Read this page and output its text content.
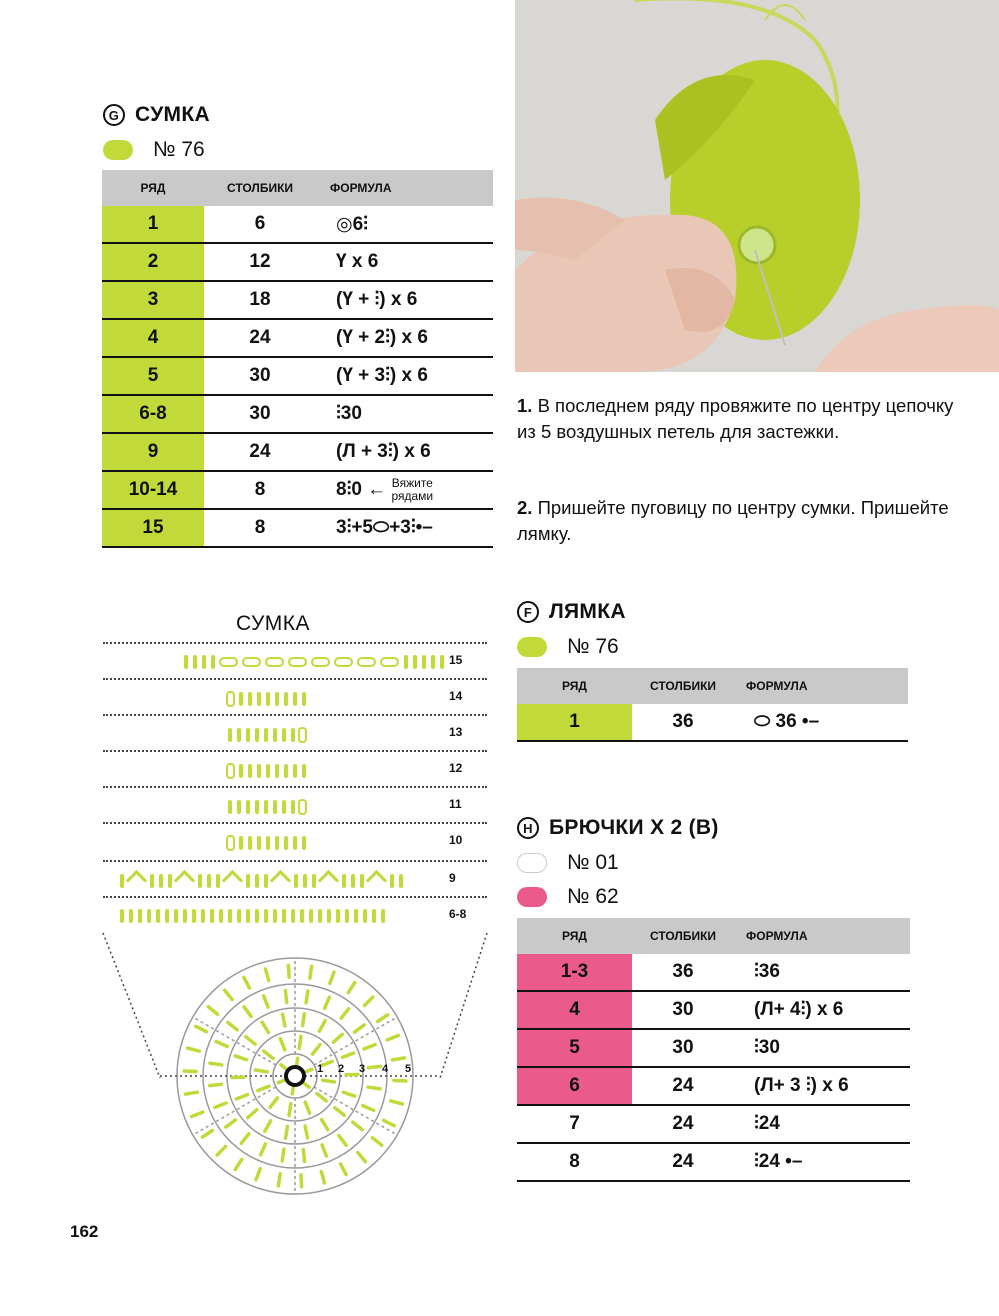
G СУМКА
№ 76
РЯД	СТОЛБИКИ	ФОРМУЛА
1	6	◎6⫶
2	12	Ү х 6
3	18	(Ү + ⫶) х 6
4	24	(Ү + 2⫶) х 6
5	30	(Ү + 3⫶) х 6
6-8	30	⫶30
9	24	(Л + 3⫶) х 6
10-14	8	8⫶0 ← Вяжите
рядами

15	8	3⫶+5⬭+3⫶•–
1. В последнем ряду провяжите по центру цепочку из 5 воздушных петель для застежки.
2. Пришейте пуговицу по центру сумки. Пришейте лямку.
СУМКА
15
14
13
12
11
10
9
6-8
1 2 3 4 5
F ЛЯМКА
№ 76
РЯД	СТОЛБИКИ	ФОРМУЛА
1	36	⬭ 36 •–
H БРЮЧКИ Х 2 (В)
№ 01
№ 62
РЯД	СТОЛБИКИ	ФОРМУЛА
1-3	36	⫶36
4	30	(Л+ 4⫶) х 6
5	30	⫶30
6	24	(Л+ 3 ⫶) х 6
7	24	⫶24
8	24	⫶24 •–
162
